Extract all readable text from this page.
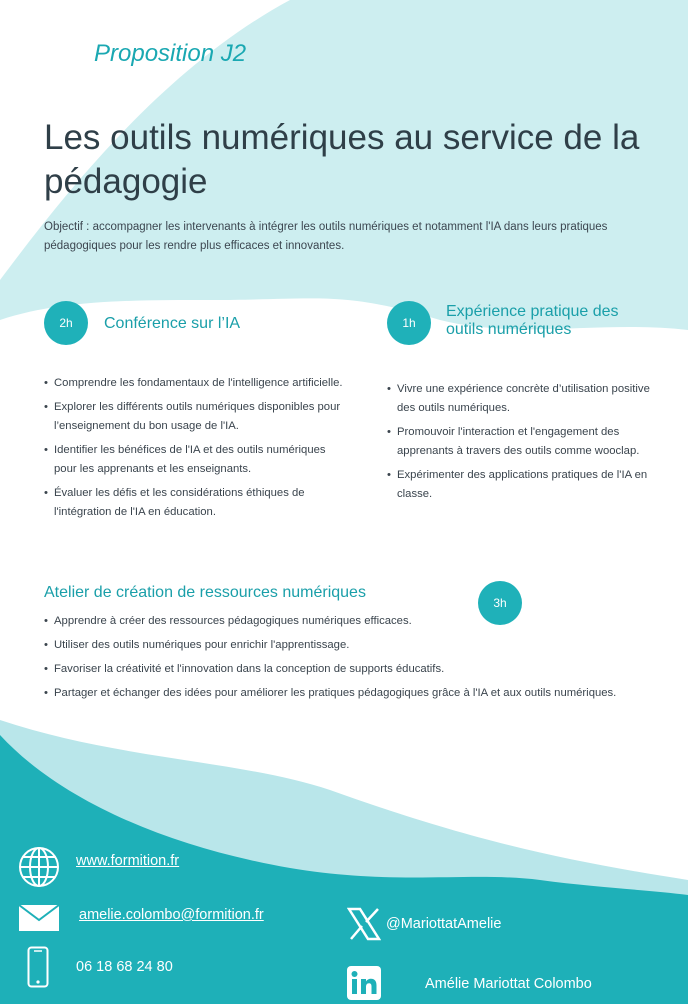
Proposition J2
Les outils numériques au service de la pédagogie
Objectif : accompagner les intervenants à intégrer les outils numériques et notamment l'IA dans leurs pratiques pédagogiques pour les rendre plus efficaces et innovantes.
2h	Conférence sur l’IA
• Comprendre les fondamentaux de l'intelligence artificielle.
• Explorer les différents outils numériques disponibles pour l’enseignement du bon usage de l'IA.
• Identifier les bénéfices de l'IA et des outils numériques pour les apprenants et les enseignants.
• Évaluer les défis et les considérations éthiques de l'intégration de l'IA en éducation.
1h
Expérience pratique des outils numériques
• Vivre une expérience concrète d’utilisation positive des outils numériques.
• Promouvoir l'interaction et l'engagement des apprenants à travers des outils comme wooclap.
• Expérimenter des applications pratiques de l'IA en classe.
Atelier de création de ressources numériques
3h
• Apprendre à créer des ressources pédagogiques numériques efficaces.
• Utiliser des outils numériques pour enrichir l'apprentissage.
• Favoriser la créativité et l'innovation dans la conception de supports éducatifs.
• Partager et échanger des idées pour améliorer les pratiques pédagogiques grâce à l'IA et aux outils numériques.
www.formition.fr
amelie.colombo@formition.fr
06 18 68 24 80
@MariottatAmelie
Amélie Mariottat Colombo
